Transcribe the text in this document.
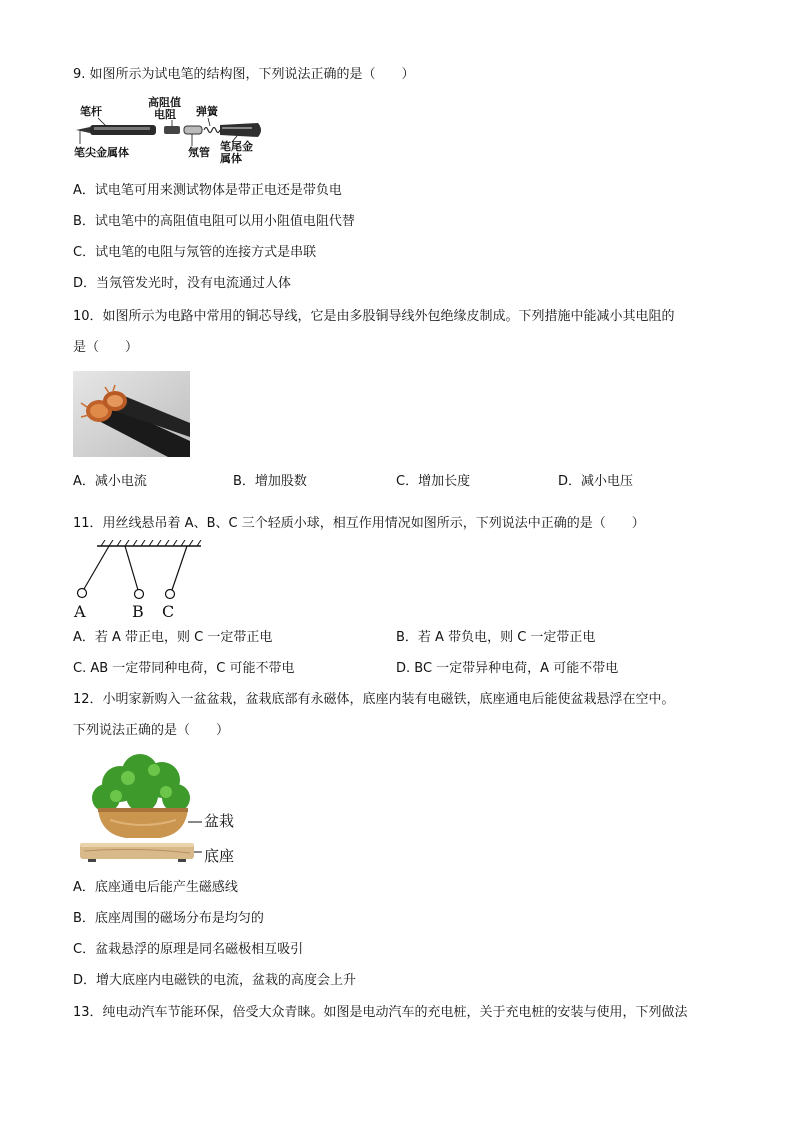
9. 如图所示为试电笔的结构图，下列说法正确的是（　　）
笔杆
高阻值
电阻 弹簧
笔尖金属体	氖管 笔尾金
属体
A．试电笔可用来测试物体是带正电还是带负电
B．试电笔中的高阻值电阻可以用小阻值电阻代替
C．试电笔的电阻与氖管的连接方式是串联
D．当氖管发光时，没有电流通过人体
10．如图所示为电路中常用的铜芯导线，它是由多股铜导线外包绝缘皮制成。下列措施中能减小其电阻的
是（　　）
A．减小电流	B．增加股数	C．增加长度	D．减小电压
11．用丝线悬吊着 A、B、C 三个轻质小球，相互作用情况如图所示，下列说法中正确的是（　　）
A	B C
A．若 A 带正电，则 C 一定带正电	B．若 A 带负电，则 C 一定带正电
C. AB 一定带同种电荷，C 可能不带电	D. BC 一定带异种电荷，A 可能不带电
12．小明家新购入一盆盆栽，盆栽底部有永磁体，底座内装有电磁铁，底座通电后能使盆栽悬浮在空中。
下列说法正确的是（　　）
盆栽
底座
A．底座通电后能产生磁感线
B．底座周围的磁场分布是均匀的
C．盆栽悬浮的原理是同名磁极相互吸引
D．增大底座内电磁铁的电流，盆栽的高度会上升
13．纯电动汽车节能环保，倍受大众青睐。如图是电动汽车的充电桩，关于充电桩的安装与使用，下列做法
